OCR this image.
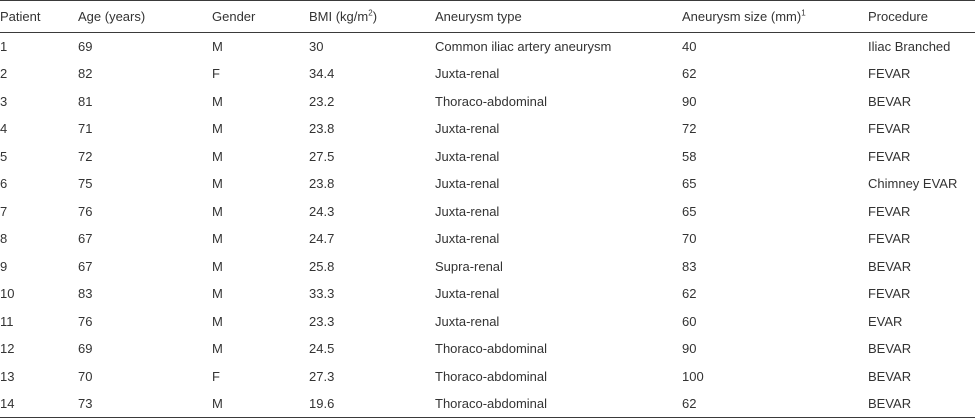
Patient	Age (years)	Gender	BMI $(kg/m^2)$	Aneurysm type	Aneurysm size (mm)$^1$	Procedure
1	69	M	30	Common iliac artery aneurysm	40	Iliac Branched
2	82	F	34.4	Juxta-renal	62	FEVAR
3	81	M	23.2	Thoraco-abdominal	90	BEVAR
4	71	M	23.8	Juxta-renal	72	FEVAR
5	72	M	27.5	Juxta-renal	58	FEVAR
6	75	M	23.8	Juxta-renal	65	Chimney EVAR
7	76	M	24.3	Juxta-renal	65	FEVAR
8	67	M	24.7	Juxta-renal	70	FEVAR
9	67	M	25.8	Supra-renal	83	BEVAR
10	83	M	33.3	Juxta-renal	62	FEVAR
11	76	M	23.3	Juxta-renal	60	EVAR
12	69	M	24.5	Thoraco-abdominal	90	BEVAR
13	70	F	27.3	Thoraco-abdominal	100	BEVAR
14	73	M	19.6	Thoraco-abdominal	62	BEVAR
